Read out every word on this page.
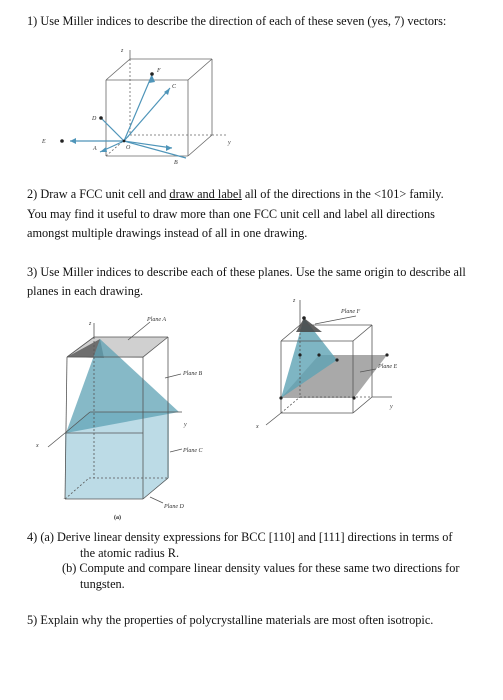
1) Use Miller indices to describe the direction of each of these seven (yes, 7) vectors:
z
y
E
D
F
C
A	O
B
2) Draw a FCC unit cell and draw and label all of the directions in the <101> family.
You may find it useful to draw more than one FCC unit cell and label all directions
amongst multiple drawings instead of all in one drawing.
3) Use Miller indices to describe each of these planes. Use the same origin to describe all
planes in each drawing.
z
y
x
Plane A
Plane B
Plane C
Plane D
(a)
z
y
x
Plane F
Plane E
4) (a) Derive linear density expressions for BCC [110] and [111] directions in terms of
the atomic radius R.
(b) Compute and compare linear density values for these same two directions for
tungsten.
5) Explain why the properties of polycrystalline materials are most often isotropic.
